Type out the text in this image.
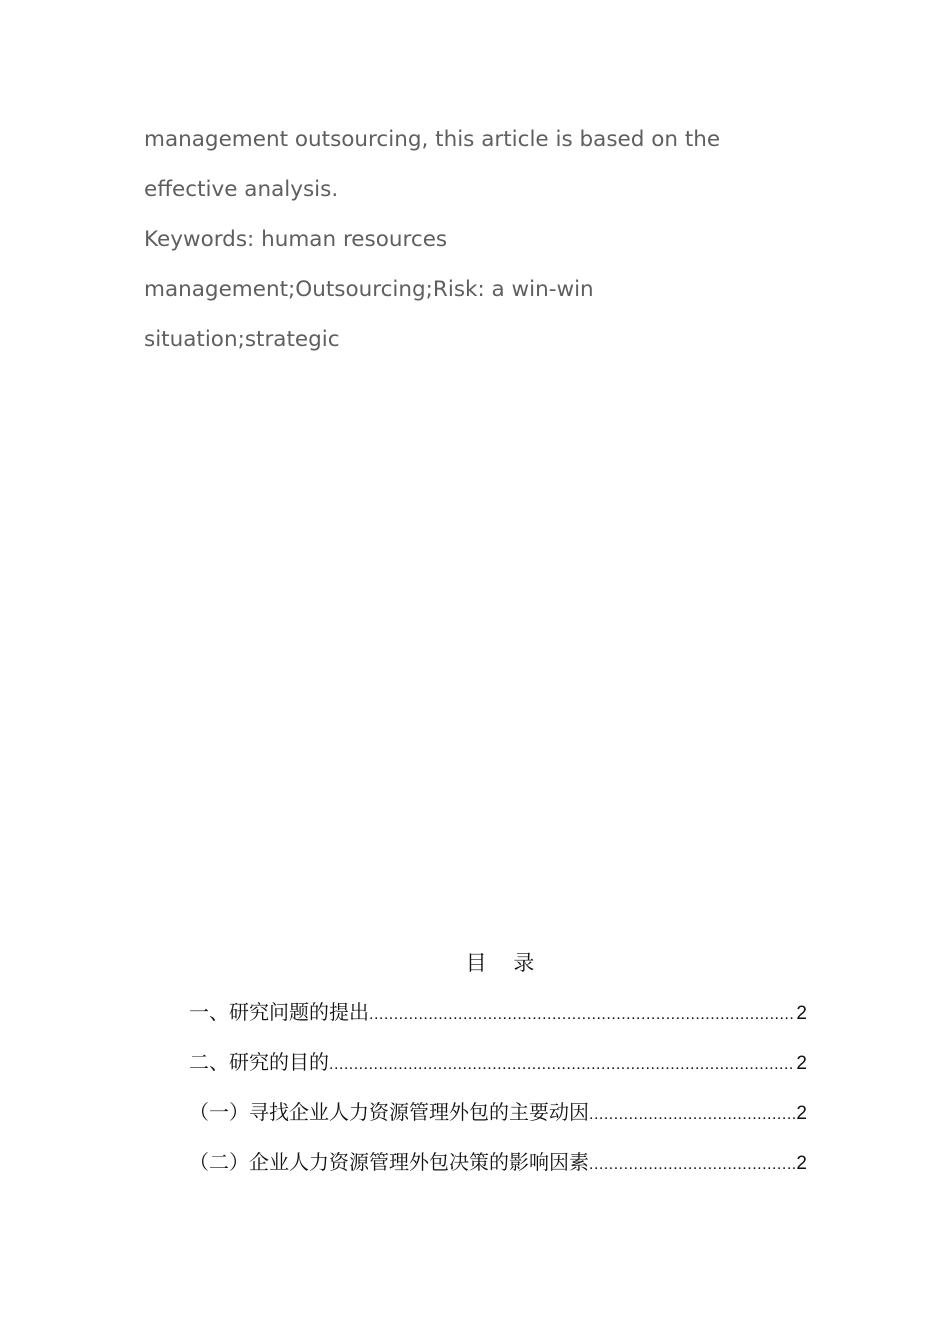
management outsourcing, this article is based on the
effective analysis.
Keywords: human resources
management;Outsourcing;Risk: a win-win
situation;strategic
目    录
一、研究问题的提出 .....	2
二、研究的目的 .....	2
（一）寻找企业人力资源管理外包的主要动因 .....	2
（二）企业人力资源管理外包决策的影响因素 .....	2
